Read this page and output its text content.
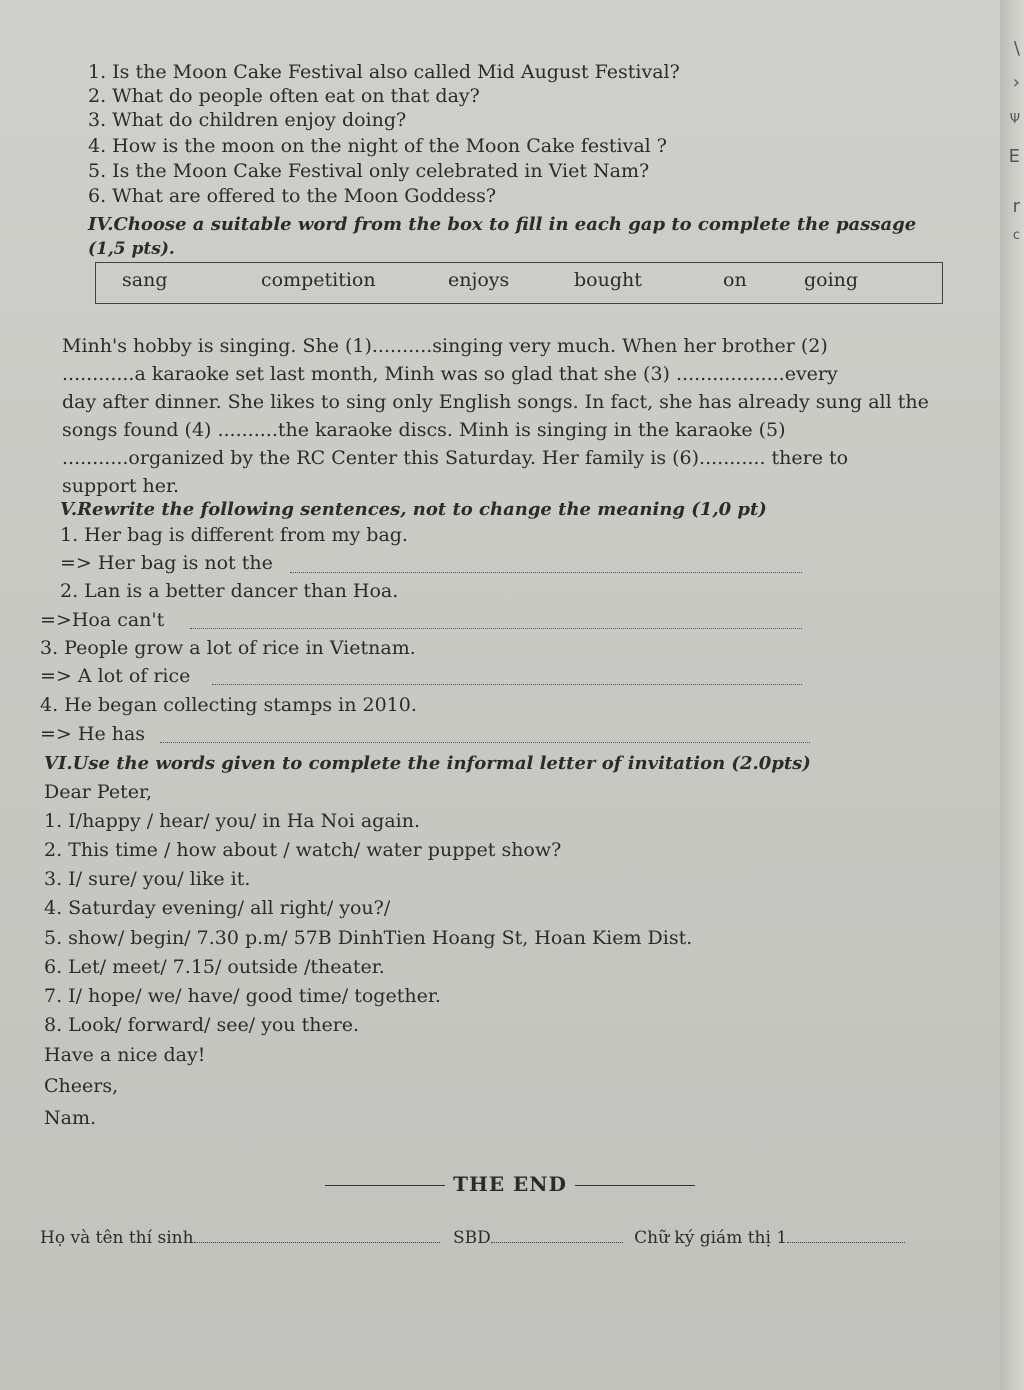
1. Is the Moon Cake Festival also called Mid August Festival?
2. What do people often eat on that day?
3. What do children enjoy doing?
4. How is the moon on the night of the Moon Cake festival ?
5. Is the Moon Cake Festival only celebrated in Viet Nam?
6. What are offered to the Moon Goddess?
IV.Choose a suitable word from the box to fill in each gap to complete the passage
(1,5 pts).
sang	competition	enjoys	bought	on	going
Minh's hobby is singing. She (1)..........singing very much. When her brother (2)
............a karaoke set last month, Minh was so glad that she (3) ..................every
day after dinner. She likes to sing only English songs. In fact, she has already sung all the
songs found (4) ..........the karaoke discs. Minh is singing in the karaoke (5)
...........organized by the RC Center this Saturday. Her family is (6)........... there to
support her.
V.Rewrite the following sentences, not to change the meaning (1,0 pt)
1. Her bag is different from my bag.
=> Her bag is not the
2. Lan is a better dancer than Hoa.
=>Hoa can't
3. People grow a lot of rice in Vietnam.
=> A lot of rice
4. He began collecting stamps in 2010.
=> He has
VI.Use the words given to complete the informal letter of invitation (2.0pts)
Dear Peter,
1. I/happy / hear/ you/ in Ha Noi again.
2. This time / how about / watch/ water puppet show?
3. I/ sure/ you/ like it.
4. Saturday evening/ all right/ you?/
5. show/ begin/ 7.30 p.m/ 57B DinhTien Hoang St, Hoan Kiem Dist.
6. Let/ meet/ 7.15/ outside /theater.
7. I/ hope/ we/ have/ good time/ together.
8. Look/ forward/ see/ you there.
Have a nice day!
Cheers,
Nam.
THE END
Họ và tên thí sinh	SBD	Chữ ký giám thị 1
\
›
Ψ
E
r
c
